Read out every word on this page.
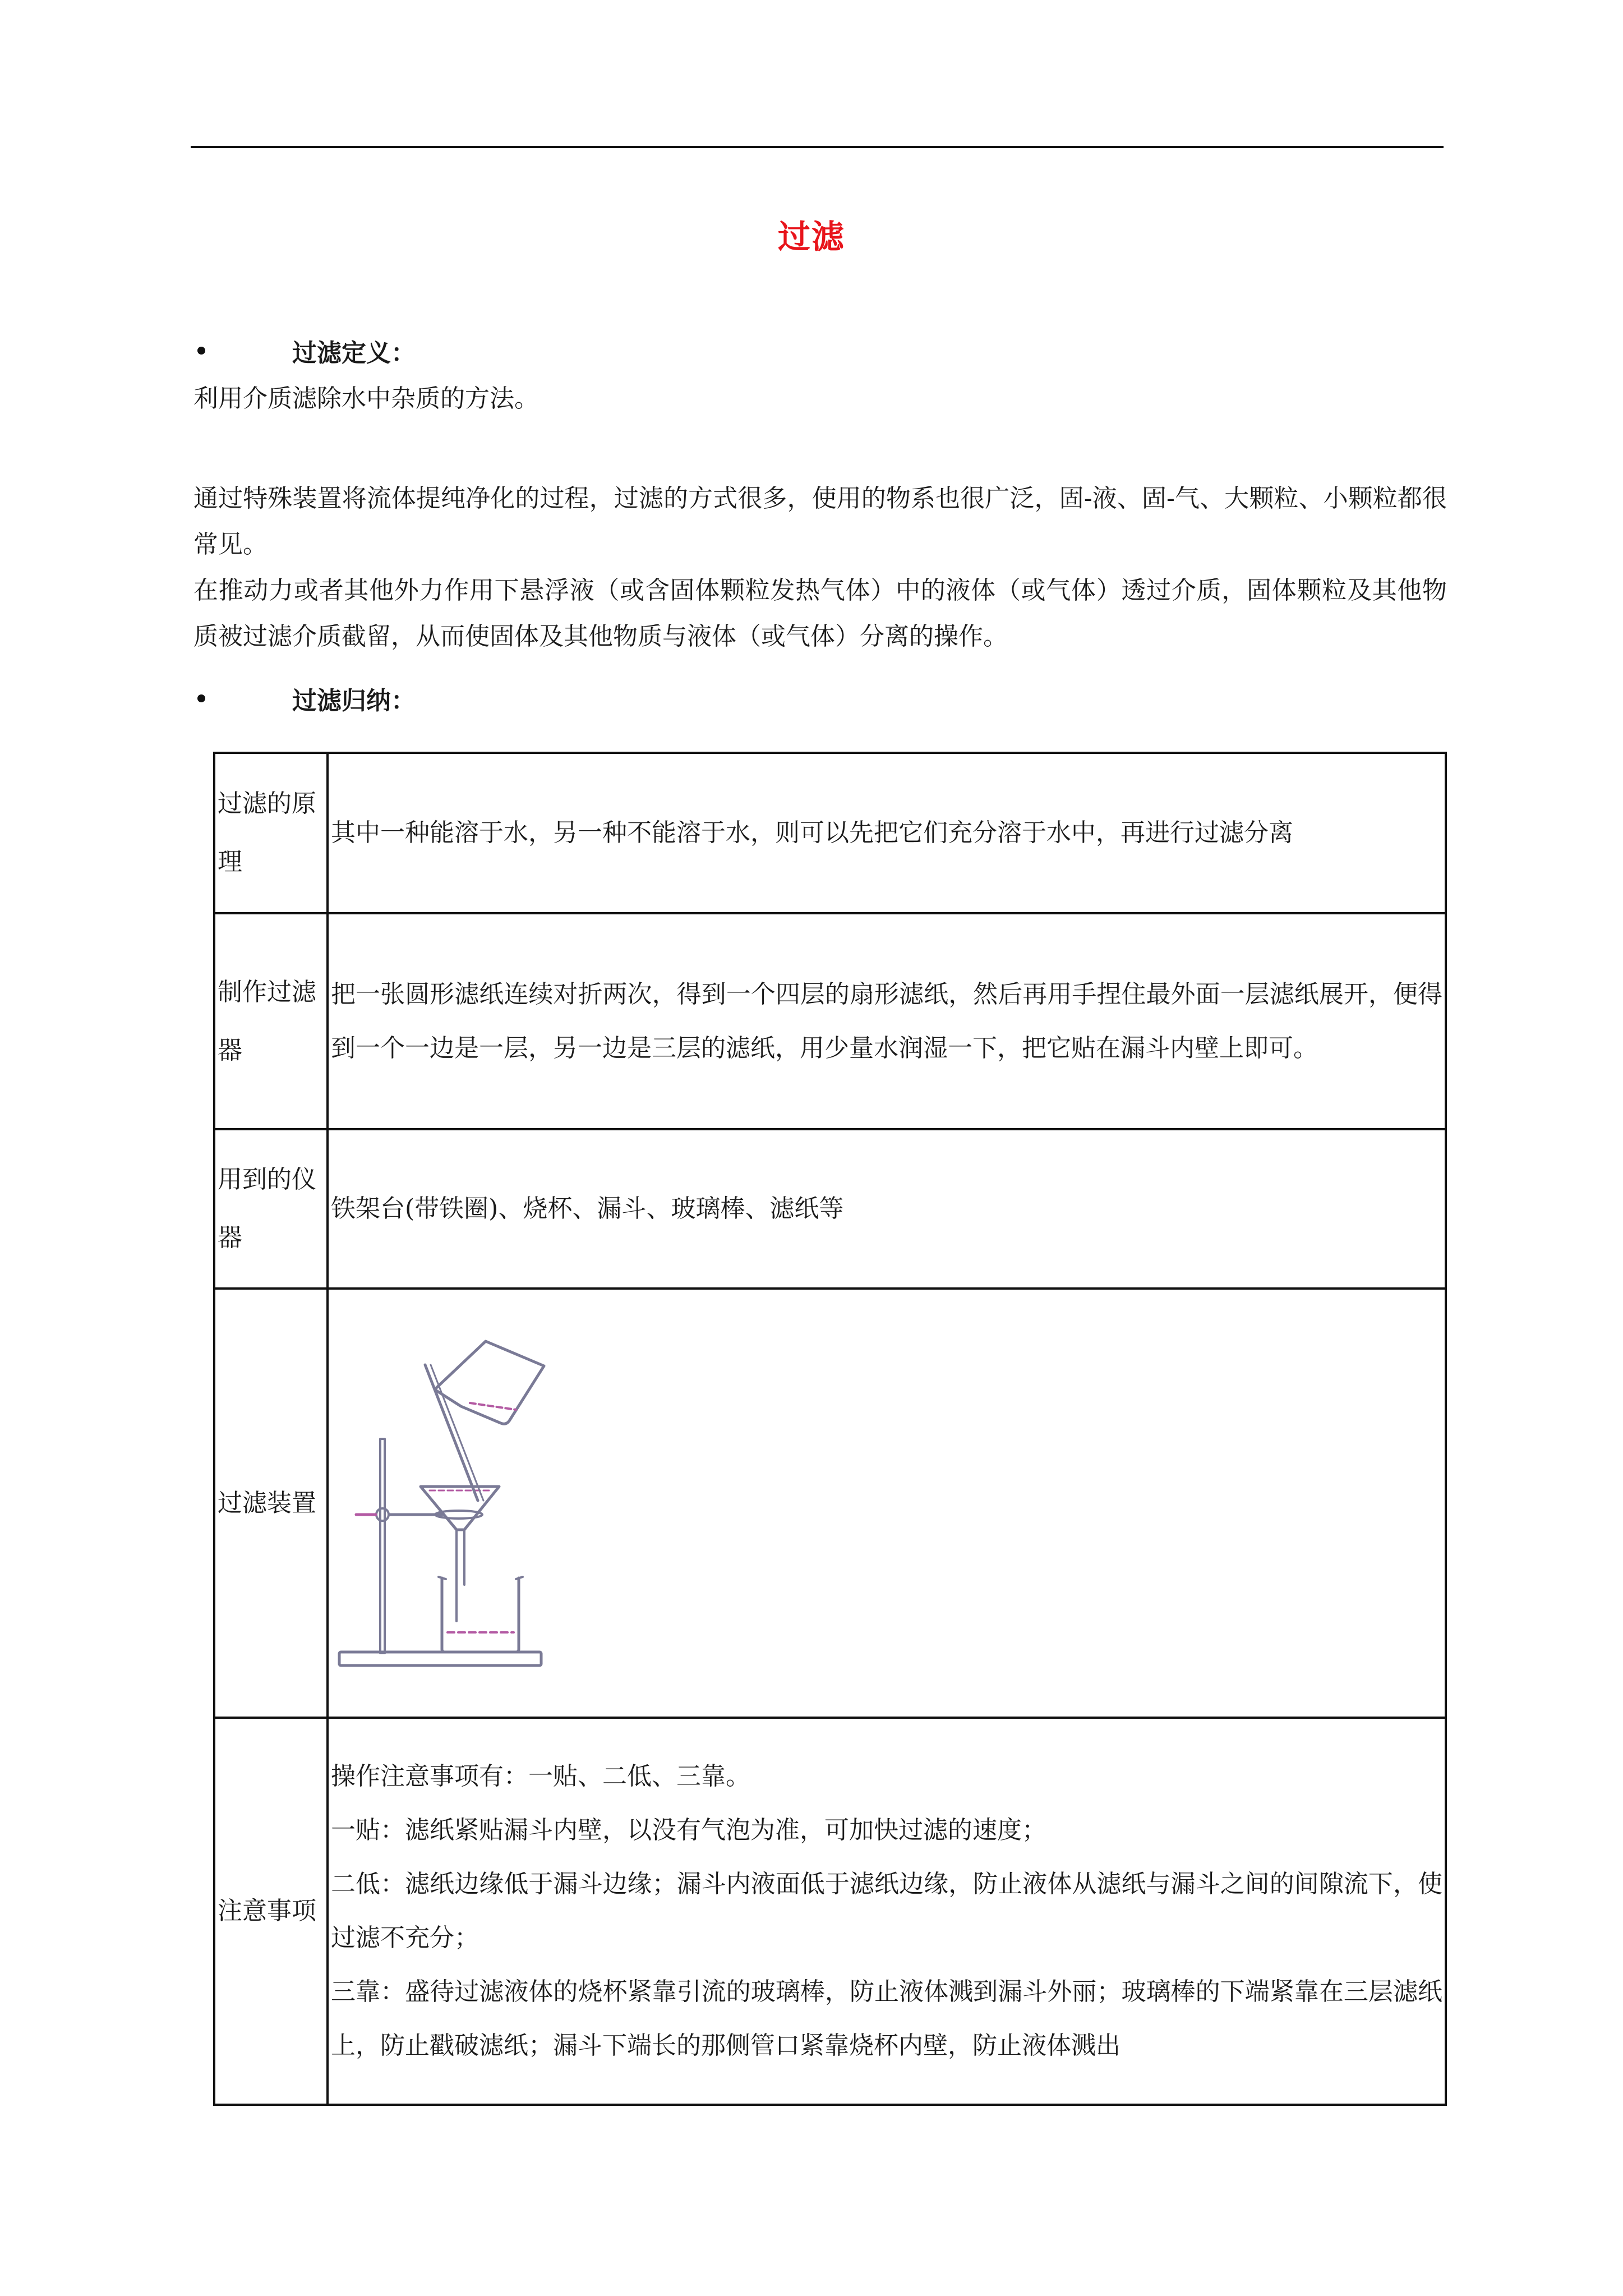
过滤
过滤定义：

利用介质滤除水中杂质的方法。

通过特殊装置将流体提纯净化的过程，过滤的方式很多，使用的物系也很广泛，固-液、固-气、大颗粒、小颗粒都很常见。

在推动力或者其他外力作用下悬浮液（或含固体颗粒发热气体）中的液体（或气体）透过介质，固体颗粒及其他物质被过滤介质截留，从而使固体及其他物质与液体（或气体）分离的操作。

过滤归纳：
过滤的原理	其中一种能溶于水，另一种不能溶于水，则可以先把它们充分溶于水中，再进行过滤分离
制作过滤器	把一张圆形滤纸连续对折两次，得到一个四层的扇形滤纸，然后再用手捏住最外面一层滤纸展开，便得到一个一边是一层，另一边是三层的滤纸，用少量水润湿一下，把它贴在漏斗内壁上即可。
用到的仪器	铁架台(带铁圈)、烧杯、漏斗、玻璃棒、滤纸等
过滤装置	

注意事项	操作注意事项有：一贴、二低、三靠。
一贴：滤纸紧贴漏斗内壁，以没有气泡为准，可加快过滤的速度；
二低：滤纸边缘低于漏斗边缘；漏斗内液面低于滤纸边缘，防止液体从滤纸与漏斗之间的间隙流下，使过滤不充分；
三靠：盛待过滤液体的烧杯紧靠引流的玻璃棒，防止液体溅到漏斗外丽；玻璃棒的下端紧靠在三层滤纸上，防止戳破滤纸；漏斗下端长的那侧管口紧靠烧杯内壁，防止液体溅出
